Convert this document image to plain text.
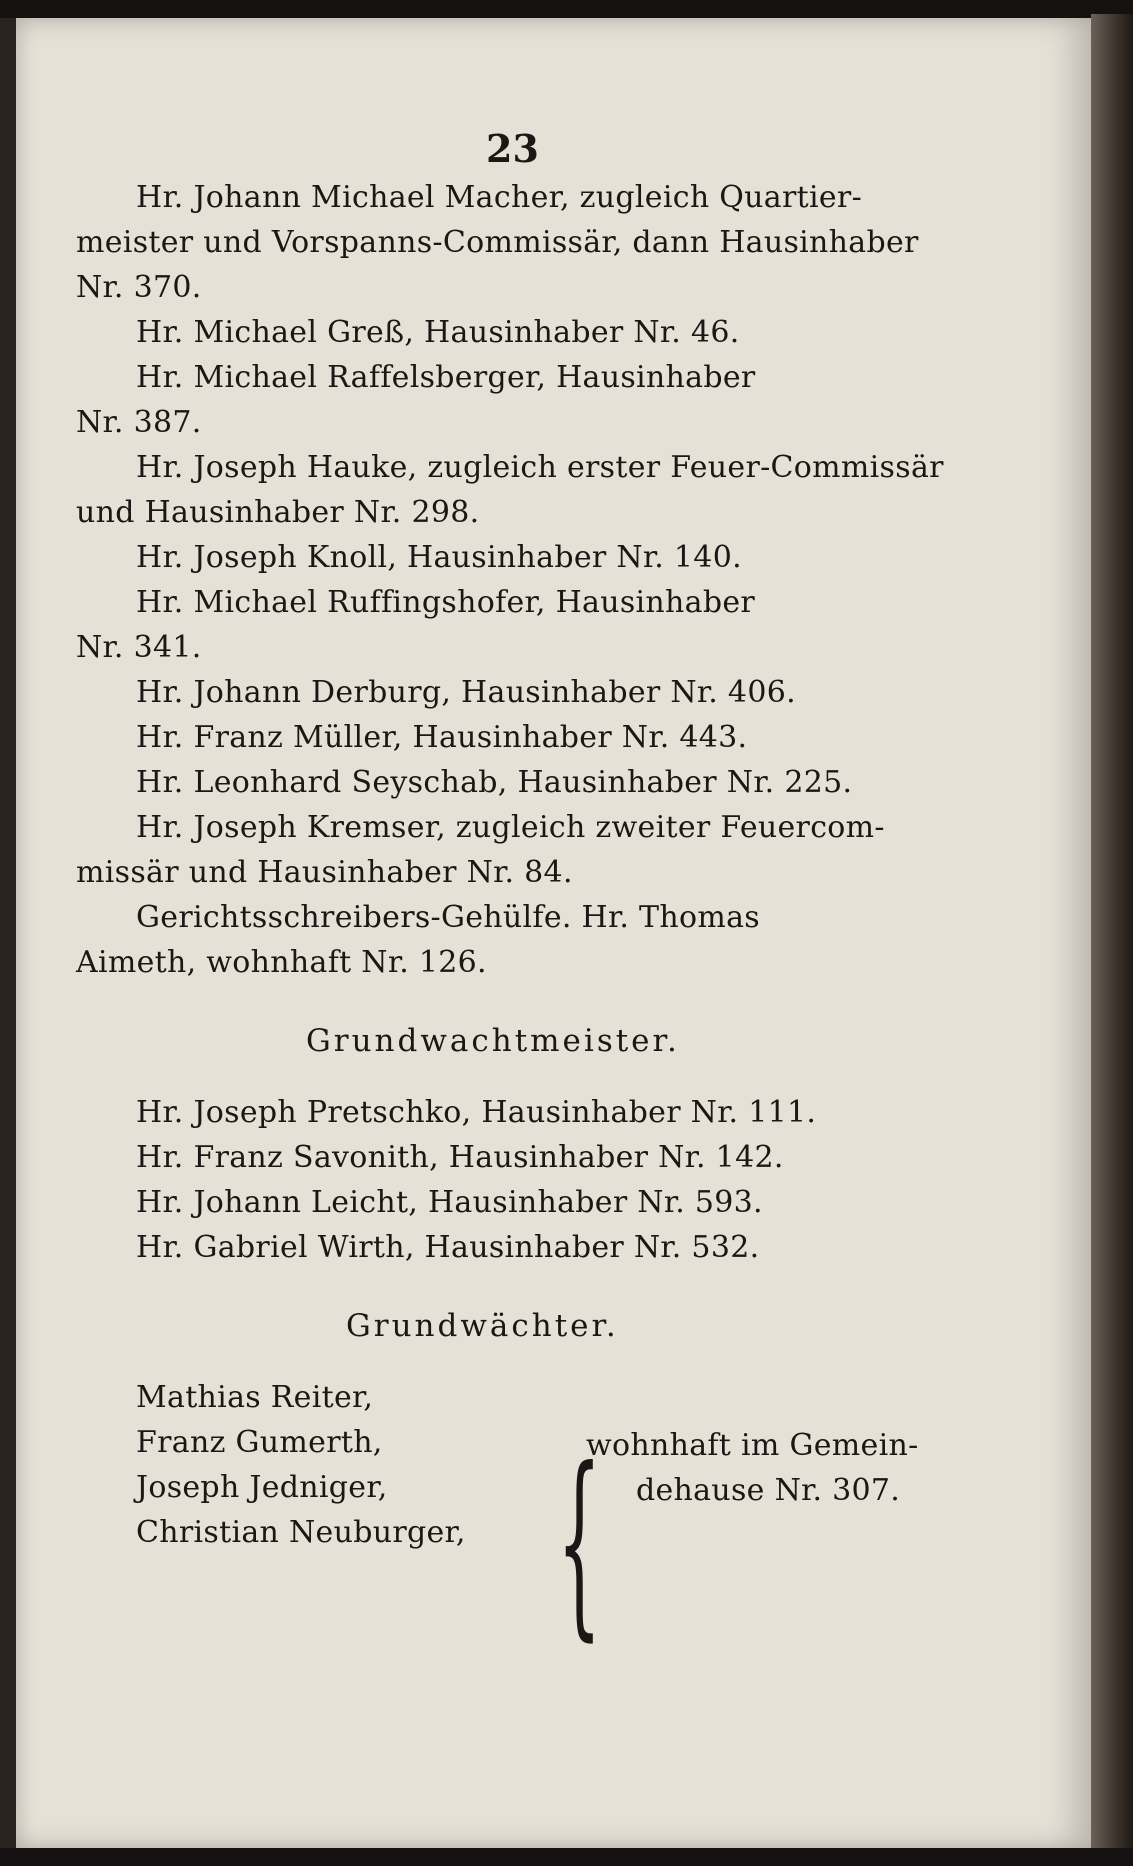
23
Hr. Johann Michael Macher, zugleich Quartier-
meister und Vorspanns-Commissär, dann Hausinhaber
Nr. 370.
Hr. Michael Greß, Hausinhaber Nr. 46.
Hr. Michael Raffelsberger, Hausinhaber
Nr. 387.
Hr. Joseph Hauke, zugleich erster Feuer-Commissär
und Hausinhaber Nr. 298.
Hr. Joseph Knoll, Hausinhaber Nr. 140.
Hr. Michael Ruffingshofer, Hausinhaber
Nr. 341.
Hr. Johann Derburg, Hausinhaber Nr. 406.
Hr. Franz Müller, Hausinhaber Nr. 443.
Hr. Leonhard Seyschab, Hausinhaber Nr. 225.
Hr. Joseph Kremser, zugleich zweiter Feuercom-
missär und Hausinhaber Nr. 84.
Gerichtsschreibers-Gehülfe. Hr. Thomas
Aimeth, wohnhaft Nr. 126.
Grundwachtmeister.
Hr. Joseph Pretschko, Hausinhaber Nr. 111.
Hr. Franz Savonith, Hausinhaber Nr. 142.
Hr. Johann Leicht, Hausinhaber Nr. 593.
Hr. Gabriel Wirth, Hausinhaber Nr. 532.
Grundwächter.
Mathias Reiter,
Franz Gumerth,
Joseph Jedniger,
Christian Neuburger, {
wohnhaft im Gemein-
dehause Nr. 307.
